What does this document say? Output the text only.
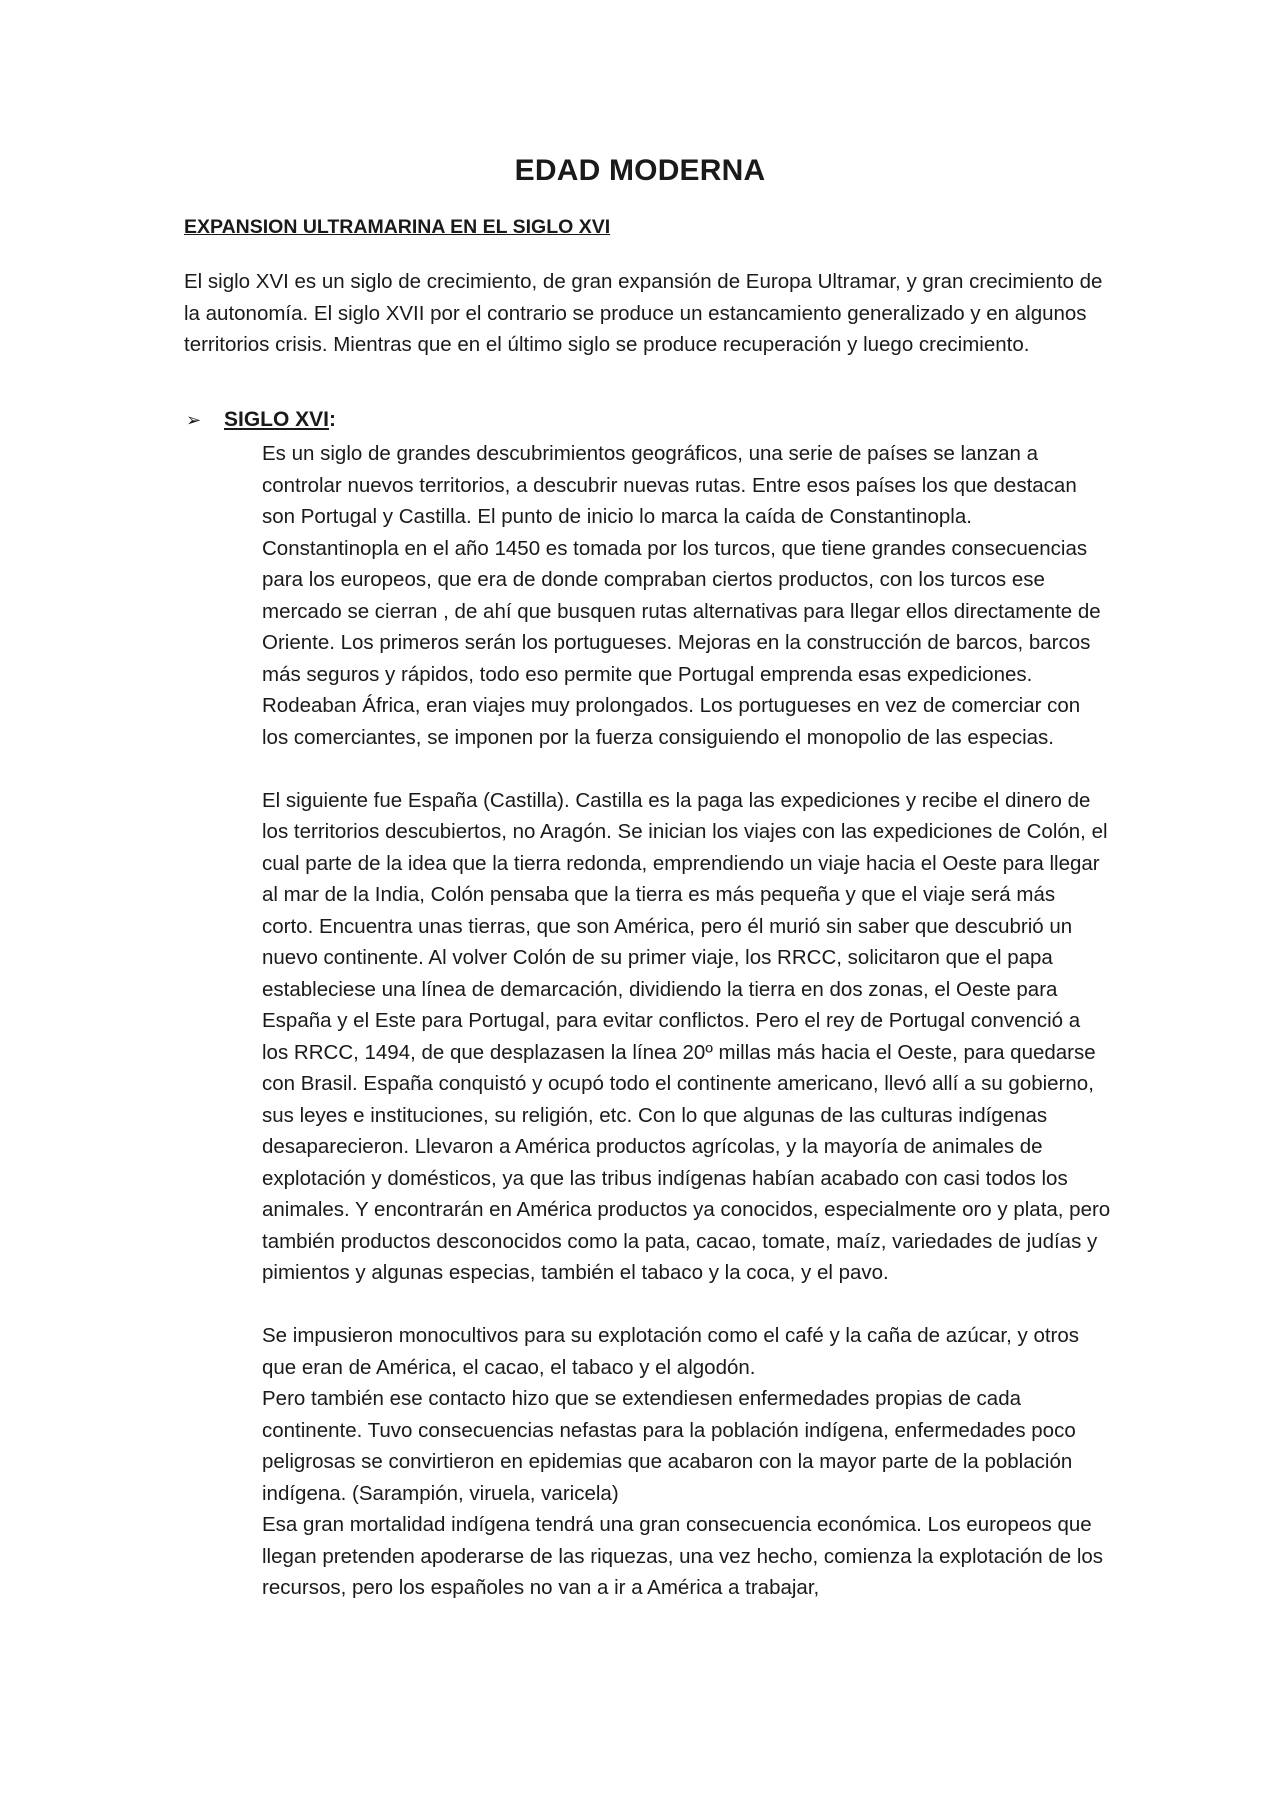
EDAD MODERNA
EXPANSION ULTRAMARINA EN EL SIGLO XVI

El siglo XVI es un siglo de crecimiento, de gran expansión de Europa Ultramar, y gran crecimiento de la autonomía. El siglo XVII por el contrario se produce un estancamiento generalizado y en algunos territorios crisis. Mientras que en el último siglo se produce recuperación y luego crecimiento.

➢ SIGLO XVI:

Es un siglo de grandes descubrimientos geográficos, una serie de países se lanzan a controlar nuevos territorios, a descubrir nuevas rutas. Entre esos países los que destacan son Portugal y Castilla. El punto de inicio lo marca la caída de Constantinopla. Constantinopla en el año 1450 es tomada por los turcos, que tiene grandes consecuencias para los europeos, que era de donde compraban ciertos productos, con los turcos ese mercado se cierran , de ahí que busquen rutas alternativas para llegar ellos directamente de Oriente. Los primeros serán los portugueses. Mejoras en la construcción de barcos, barcos más seguros y rápidos, todo eso permite que Portugal emprenda esas expediciones. Rodeaban África, eran viajes muy prolongados. Los portugueses en vez de comerciar con los comerciantes, se imponen por la fuerza consiguiendo el monopolio de las especias.

El siguiente fue España (Castilla). Castilla es la paga las expediciones y recibe el dinero de los territorios descubiertos, no Aragón. Se inician los viajes con las expediciones de Colón, el cual parte de la idea que la tierra redonda, emprendiendo un viaje hacia el Oeste para llegar al mar de la India, Colón pensaba que la tierra es más pequeña y que el viaje será más corto. Encuentra unas tierras, que son América, pero él murió sin saber que descubrió un nuevo continente. Al volver Colón de su primer viaje, los RRCC, solicitaron que el papa estableciese una línea de demarcación, dividiendo la tierra en dos zonas, el Oeste para España y el Este para Portugal, para evitar conflictos. Pero el rey de Portugal convenció a los RRCC, 1494, de que desplazasen la línea 20º millas más hacia el Oeste, para quedarse con Brasil. España conquistó y ocupó todo el continente americano, llevó allí a su gobierno, sus leyes e instituciones, su religión, etc. Con lo que algunas de las culturas indígenas desaparecieron. Llevaron a América productos agrícolas, y la mayoría de animales de explotación y domésticos, ya que las tribus indígenas habían acabado con casi todos los animales. Y encontrarán en América productos ya conocidos, especialmente oro y plata, pero también productos desconocidos como la pata, cacao, tomate, maíz, variedades de judías y pimientos y algunas especias, también el tabaco y la coca, y el pavo.

Se impusieron monocultivos para su explotación como el café y la caña de azúcar, y otros que eran de América, el cacao, el tabaco y el algodón.

Pero también ese contacto hizo que se extendiesen enfermedades propias de cada continente. Tuvo consecuencias nefastas para la población indígena, enfermedades poco peligrosas se convirtieron en epidemias que acabaron con la mayor parte de la población indígena. (Sarampión, viruela, varicela)

Esa gran mortalidad indígena tendrá una gran consecuencia económica. Los europeos que llegan pretenden apoderarse de las riquezas, una vez hecho, comienza la explotación de los recursos, pero los españoles no van a ir a América a trabajar,
